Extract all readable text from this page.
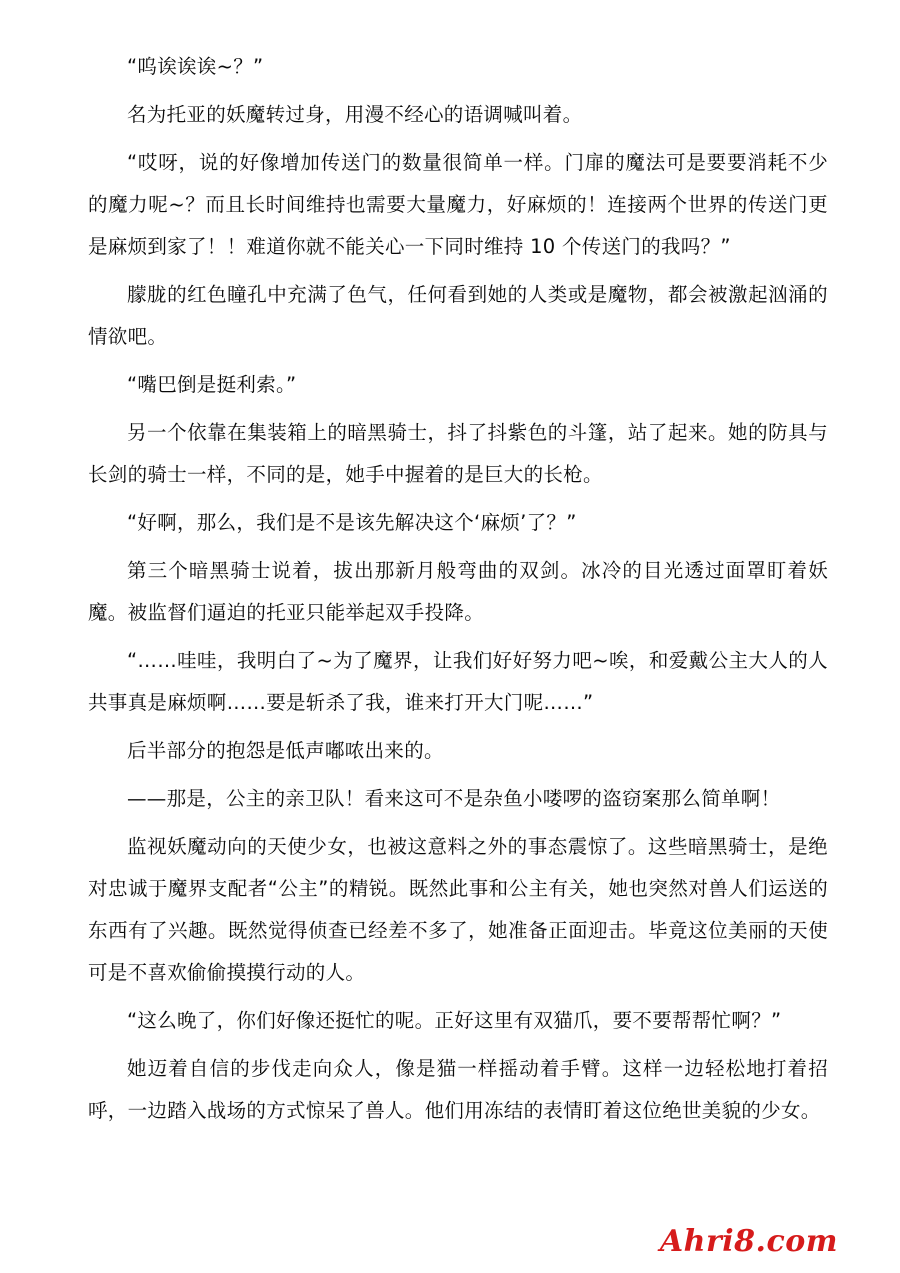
“呜诶诶诶~？”

名为托亚的妖魔转过身，用漫不经心的语调喊叫着。

“哎呀，说的好像增加传送门的数量很简单一样。门扉的魔法可是要要消耗不少的魔力呢~？而且长时间维持也需要大量魔力，好麻烦的！连接两个世界的传送门更是麻烦到家了！！难道你就不能关心一下同时维持 10 个传送门的我吗？”

朦胧的红色瞳孔中充满了色气，任何看到她的人类或是魔物，都会被激起汹涌的情欲吧。

“嘴巴倒是挺利索。”

另一个依靠在集装箱上的暗黑骑士，抖了抖紫色的斗篷，站了起来。她的防具与长剑的骑士一样，不同的是，她手中握着的是巨大的长枪。

“好啊，那么，我们是不是该先解决这个‘麻烦’了？”

第三个暗黑骑士说着，拔出那新月般弯曲的双剑。冰冷的目光透过面罩盯着妖魔。被监督们逼迫的托亚只能举起双手投降。

“……哇哇，我明白了~为了魔界，让我们好好努力吧~唉，和爱戴公主大人的人共事真是麻烦啊……要是斩杀了我，谁来打开大门呢……”

后半部分的抱怨是低声嘟哝出来的。

——那是，公主的亲卫队！看来这可不是杂鱼小喽啰的盗窃案那么简单啊！

监视妖魔动向的天使少女，也被这意料之外的事态震惊了。这些暗黑骑士，是绝对忠诚于魔界支配者“公主”的精锐。既然此事和公主有关，她也突然对兽人们运送的东西有了兴趣。既然觉得侦查已经差不多了，她准备正面迎击。毕竟这位美丽的天使可是不喜欢偷偷摸摸行动的人。

“这么晚了，你们好像还挺忙的呢。正好这里有双猫爪，要不要帮帮忙啊？”

她迈着自信的步伐走向众人，像是猫一样摇动着手臂。这样一边轻松地打着招呼，一边踏入战场的方式惊呆了兽人。他们用冻结的表情盯着这位绝世美貌的少女。

Ahri8.com
